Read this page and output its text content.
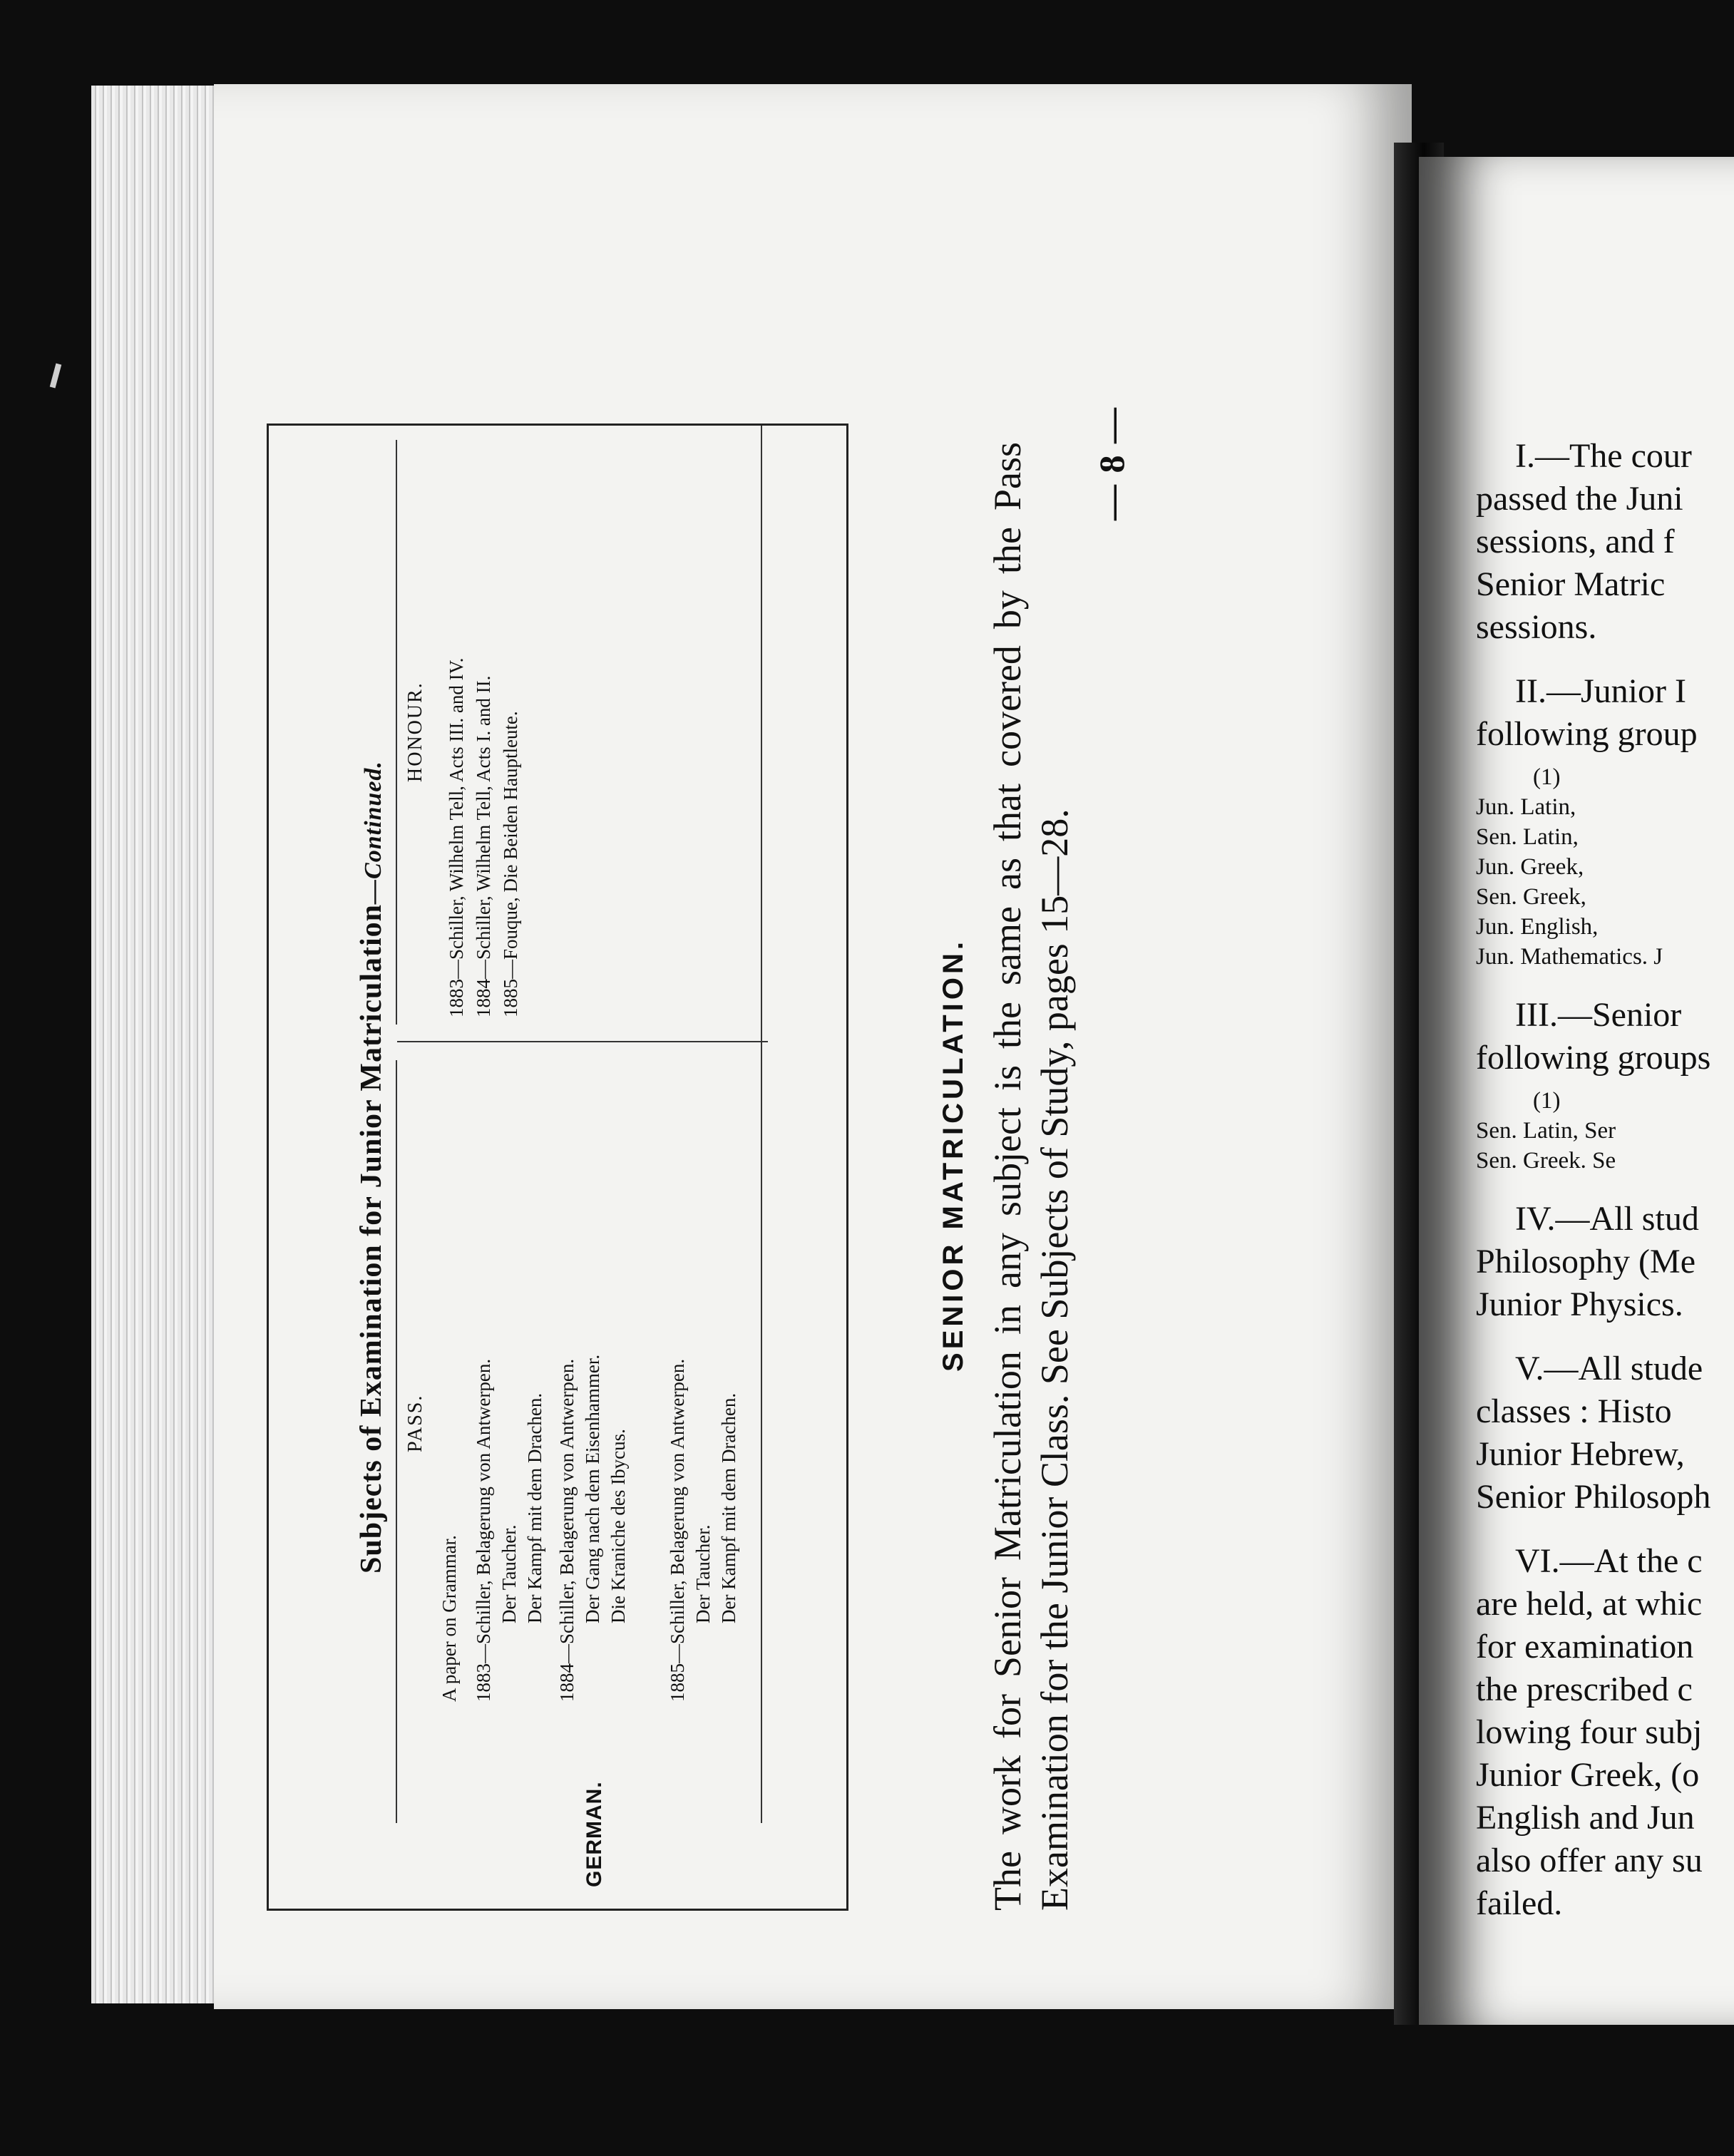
I.—The cour
passed the Juni
sessions, and f
Senior Matric
sessions.
II.—Junior I
following group
(1)
Jun. Latin,
Sen. Latin,
Jun. Greek,
Sen. Greek,
Jun. English,
Jun. Mathematics. J
III.—Senior
following groups
(1)
Sen. Latin, Ser
Sen. Greek. Se
IV.—All stud
Philosophy (Me
Junior Physics.
V.—All stude
classes : Histo
Junior Hebrew,
Senior Philosoph
VI.—At the c
are held, at whic
for examination
the prescribed c
lowing four subj
Junior Greek, (o
English and Jun
also offer any su
failed.
— 8 —
Subjects of Examination for Junior Matriculation—Continued.
PASS.
HONOUR.
GERMAN.
A paper on Grammar. 1883—Schiller, Belagerung von Antwerpen. Der Taucher. Der Kampf mit dem Drachen. 1884—Schiller, Belagerung von Antwerpen. Der Gang nach dem Eisenhammer. Die Kraniche des Ibycus. 1885—Schiller, Belagerung von Antwerpen. Der Taucher. Der Kampf mit dem Drachen.
1883—Schiller, Wilhelm Tell, Acts III. and IV. 1884—Schiller, Wilhelm Tell, Acts I. and II. 1885—Fouque, Die Beiden Hauptleute.
SENIOR MATRICULATION. The work for Senior Matriculation in any subject is the same as that covered by the Pass Examination for the Junior Class. See Subjects of Study, pages 15—28.
